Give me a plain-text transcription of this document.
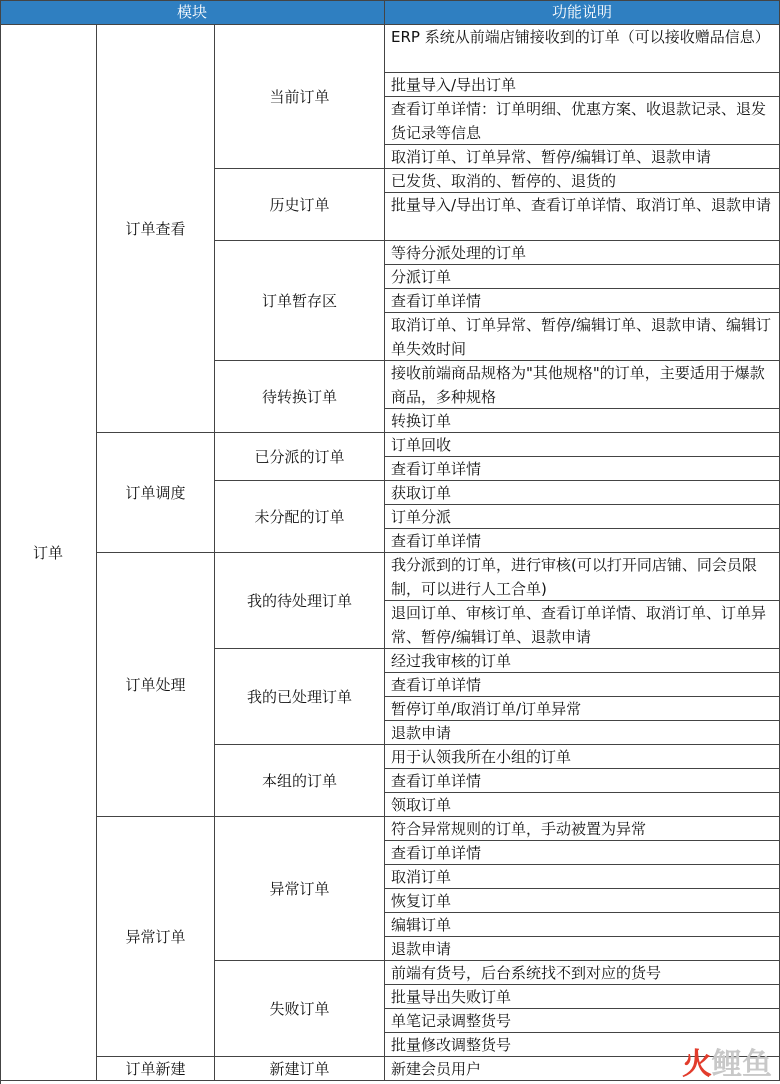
模块	功能说明
ERP 系统从前端店铺接收到的订单（可以接收赠品信息）
批量导入/导出订单
查看订单详情：订单明细、优惠方案、收退款记录、退发货记录等信息
取消订单、订单异常、暂停/编辑订单、退款申请
当前订单
已发货、取消的、暂停的、退货的
批量导入/导出订单、查看订单详情、取消订单、退款申请
历史订单
等待分派处理的订单
分派订单
查看订单详情
取消订单、订单异常、暂停/编辑订单、退款申请、编辑订单失效时间
订单暂存区
接收前端商品规格为"其他规格"的订单，主要适用于爆款商品，多种规格
转换订单
待转换订单
订单查看
订单回收
查看订单详情
已分派的订单
获取订单
订单分派
查看订单详情
未分配的订单
订单调度
我分派到的订单，进行审核(可以打开同店铺、同会员限制，可以进行人工合单)
退回订单、审核订单、查看订单详情、取消订单、订单异常、暂停/编辑订单、退款申请
我的待处理订单
经过我审核的订单
查看订单详情
暂停订单/取消订单/订单异常
退款申请
我的已处理订单
用于认领我所在小组的订单
查看订单详情
领取订单
本组的订单
订单处理
符合异常规则的订单，手动被置为异常
查看订单详情
取消订单
恢复订单
编辑订单
退款申请
异常订单
前端有货号，后台系统找不到对应的货号
批量导出失败订单
单笔记录调整货号
批量修改调整货号
失败订单
异常订单
新建会员用户
新建订单
订单新建
订单
火鲤鱼
